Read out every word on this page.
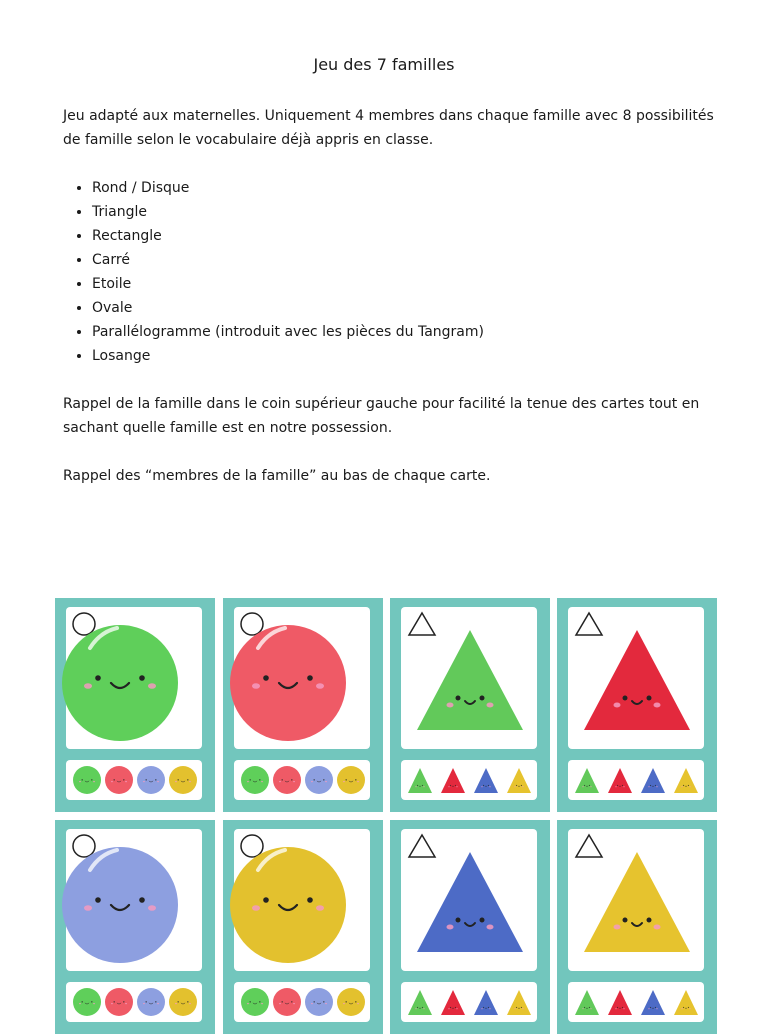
Jeu des 7 familles
Jeu adapté aux maternelles. Uniquement 4 membres dans chaque famille avec 8 possibilités de famille selon le vocabulaire déjà appris en classe.
• Rond / Disque
• Triangle
• Rectangle
• Carré
• Etoile
• Ovale
• Parallélogramme (introduit avec les pièces du Tangram)
• Losange
Rappel de la famille dans le coin supérieur gauche pour facilité la tenue des cartes tout en sachant quelle famille est en notre possession.
Rappel des “membres de la famille” au bas de chaque carte.
